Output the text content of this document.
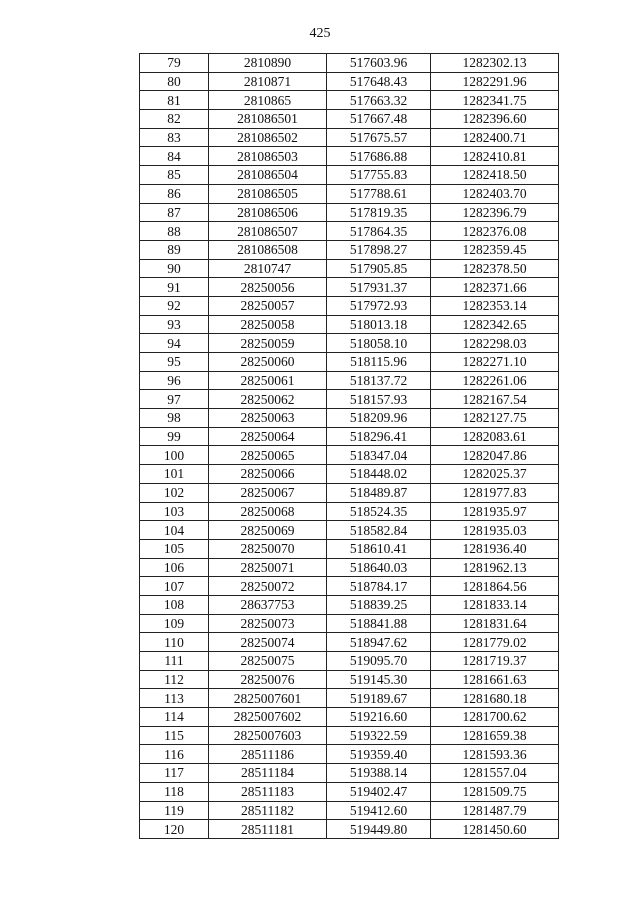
425
79	2810890	517603.96	1282302.13
80	2810871	517648.43	1282291.96
81	2810865	517663.32	1282341.75
82	281086501	517667.48	1282396.60
83	281086502	517675.57	1282400.71
84	281086503	517686.88	1282410.81
85	281086504	517755.83	1282418.50
86	281086505	517788.61	1282403.70
87	281086506	517819.35	1282396.79
88	281086507	517864.35	1282376.08
89	281086508	517898.27	1282359.45
90	2810747	517905.85	1282378.50
91	28250056	517931.37	1282371.66
92	28250057	517972.93	1282353.14
93	28250058	518013.18	1282342.65
94	28250059	518058.10	1282298.03
95	28250060	518115.96	1282271.10
96	28250061	518137.72	1282261.06
97	28250062	518157.93	1282167.54
98	28250063	518209.96	1282127.75
99	28250064	518296.41	1282083.61
100	28250065	518347.04	1282047.86
101	28250066	518448.02	1282025.37
102	28250067	518489.87	1281977.83
103	28250068	518524.35	1281935.97
104	28250069	518582.84	1281935.03
105	28250070	518610.41	1281936.40
106	28250071	518640.03	1281962.13
107	28250072	518784.17	1281864.56
108	28637753	518839.25	1281833.14
109	28250073	518841.88	1281831.64
110	28250074	518947.62	1281779.02
111	28250075	519095.70	1281719.37
112	28250076	519145.30	1281661.63
113	2825007601	519189.67	1281680.18
114	2825007602	519216.60	1281700.62
115	2825007603	519322.59	1281659.38
116	28511186	519359.40	1281593.36
117	28511184	519388.14	1281557.04
118	28511183	519402.47	1281509.75
119	28511182	519412.60	1281487.79
120	28511181	519449.80	1281450.60
